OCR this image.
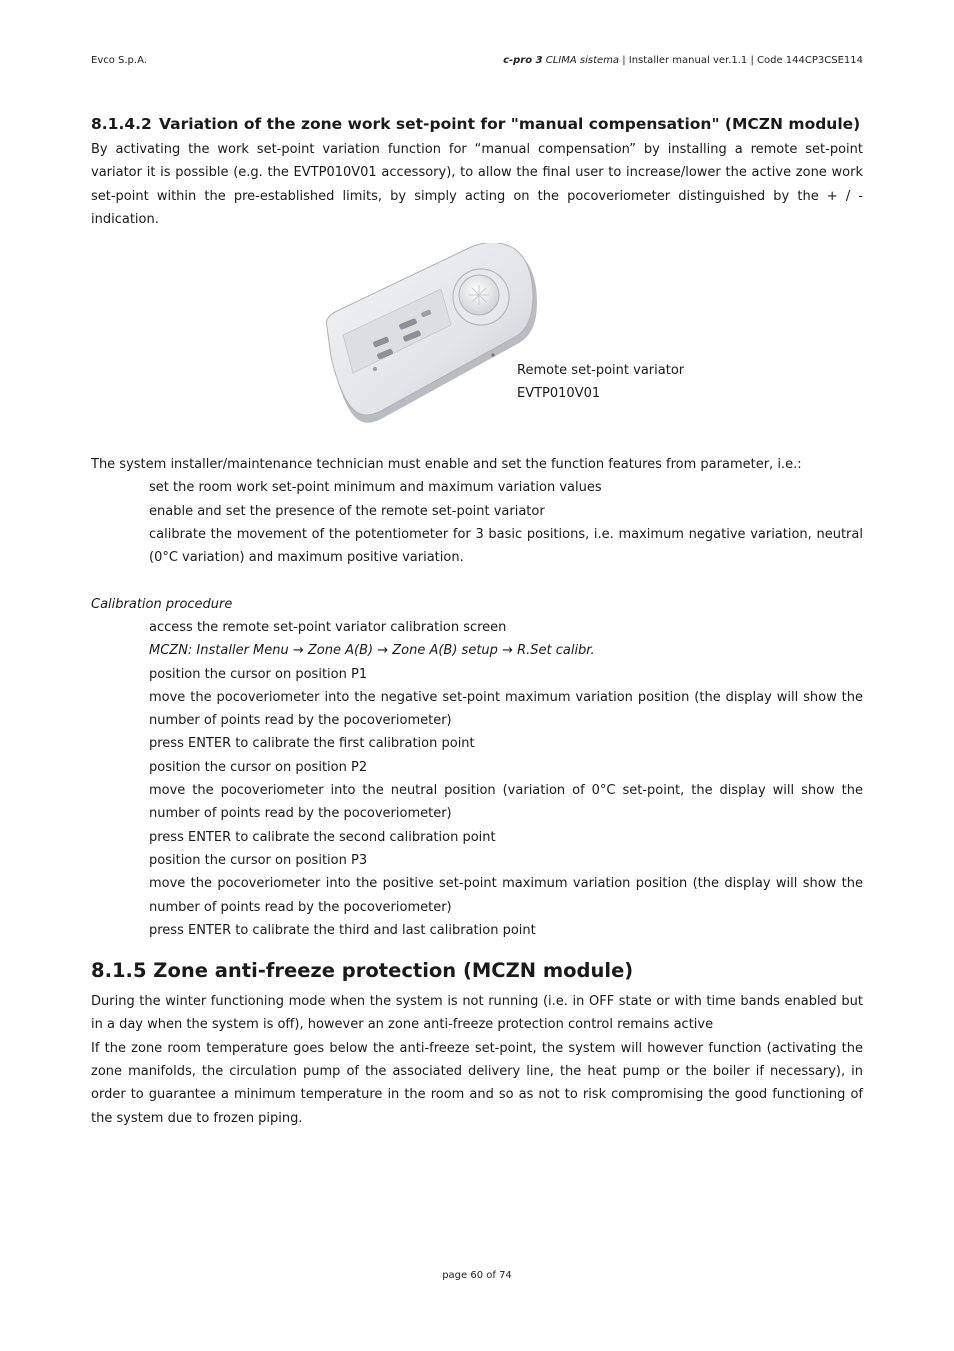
Evco S.p.A.	c-pro 3 CLIMA sistema | Installer manual ver.1.1 | Code 144CP3CSE114
8.1.4.2 Variation of the zone work set-point for "manual compensation" (MCZN module)

By activating the work set-point variation function for “manual compensation” by installing a remote set-point variator it is possible (e.g. the EVTP010V01 accessory), to allow the final user to increase/lower the active zone work set-point within the pre-established limits, by simply acting on the pocoveriometer distinguished by the + / - indication.

Remote set-point variator
EVTP010V01

The system installer/maintenance technician must enable and set the function features from parameter, i.e.:

set the room work set-point minimum and maximum variation values

enable and set the presence of the remote set-point variator

calibrate the movement of the potentiometer for 3 basic positions, i.e. maximum negative variation, neutral (0°C variation) and maximum positive variation.

Calibration procedure

access the remote set-point variator calibration screen

MCZN: Installer Menu → Zone A(B) → Zone A(B) setup → R.Set calibr.

position the cursor on position P1

move the pocoveriometer into the negative set-point maximum variation position (the display will show the number of points read by the pocoveriometer)

press ENTER to calibrate the first calibration point

position the cursor on position P2

move the pocoveriometer into the neutral position (variation of 0°C set-point, the display will show the number of points read by the pocoveriometer)

press ENTER to calibrate the second calibration point

position the cursor on position P3

move the pocoveriometer into the positive set-point maximum variation position (the display will show the number of points read by the pocoveriometer)

press ENTER to calibrate the third and last calibration point

8.1.5 Zone anti-freeze protection (MCZN module)

During the winter functioning mode when the system is not running (i.e. in OFF state or with time bands enabled but in a day when the system is off), however an zone anti-freeze protection control remains active

If the zone room temperature goes below the anti-freeze set-point, the system will however function (activating the zone manifolds, the circulation pump of the associated delivery line, the heat pump or the boiler if necessary), in order to guarantee a minimum temperature in the room and so as not to risk compromising the good functioning of the system due to frozen piping.

page 60 of 74
